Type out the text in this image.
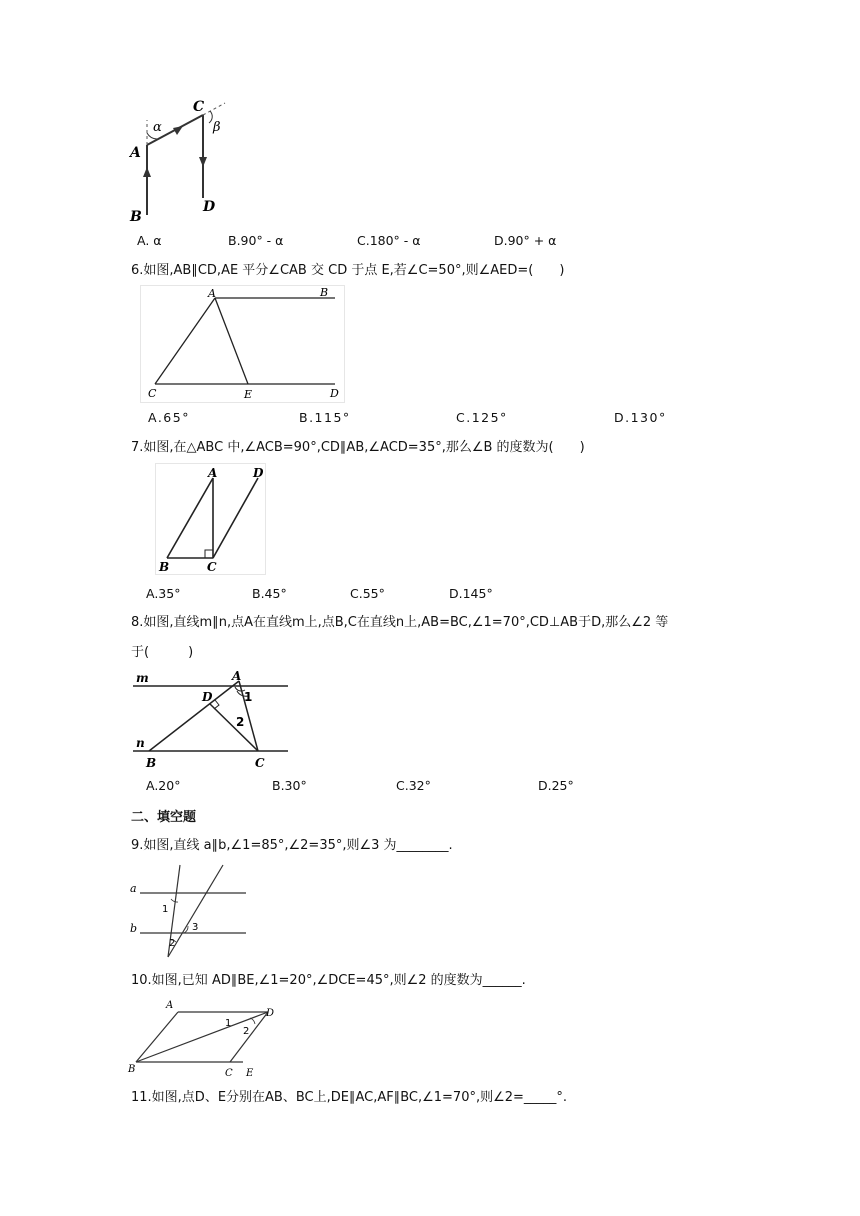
A
B
C
D
α	β
A. α	B.90° - α	C.180° - α	D.90° + α
6.如图,AB∥CD,AE 平分∠CAB 交 CD 于点 E,若∠C=50°,则∠AED=(　　)
A	B
C	E	D
A.65°	B.115°	C.125°	D.130°
7.如图,在△ABC 中,∠ACB=90°,CD∥AB,∠ACD=35°,那么∠B 的度数为(　　)
A	D
B	C
A.35°	B.45°	C.55°	D.145°
8.如图,直线m∥n,点A在直线m上,点B,C在直线n上,AB=BC,∠1=70°,CD⊥AB于D,那么∠2 等
于(　　　)
m
n
A
D
B	C
1
2
A.20°	B.30°	C.32°	D.25°
二、填空题
9.如图,直线 a∥b,∠1=85°,∠2=35°,则∠3 为________.
a
b
1
2
3
10.如图,已知 AD∥BE,∠1=20°,∠DCE=45°,则∠2 的度数为______.
A
D
B	C E
1
2
11.如图,点D、E分别在AB、BC上,DE∥AC,AF∥BC,∠1=70°,则∠2=_____°.
